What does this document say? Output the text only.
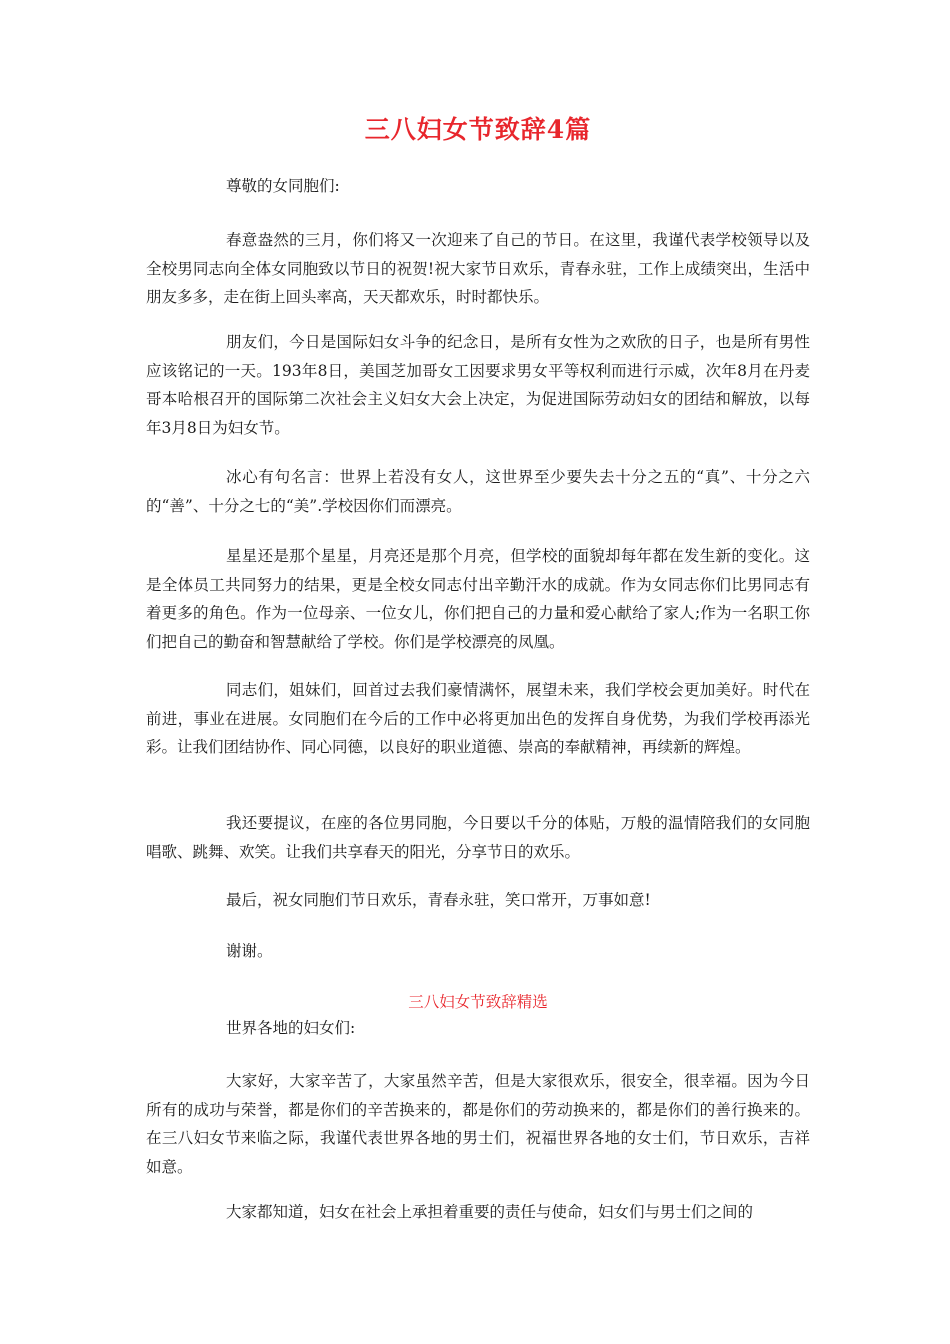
三八妇女节致辞4篇

尊敬的女同胞们:

春意盎然的三月，你们将又一次迎来了自己的节日。在这里，我谨代表学校领导以及全校男同志向全体女同胞致以节日的祝贺!祝大家节日欢乐，青春永驻，工作上成绩突出，生活中朋友多多，走在街上回头率高，天天都欢乐，时时都快乐。

朋友们，今日是国际妇女斗争的纪念日，是所有女性为之欢欣的日子，也是所有男性应该铭记的一天。193年8日，美国芝加哥女工因要求男女平等权利而进行示威，次年8月在丹麦哥本哈根召开的国际第二次社会主义妇女大会上决定，为促进国际劳动妇女的团结和解放，以每年3月8日为妇女节。

冰心有句名言：世界上若没有女人，这世界至少要失去十分之五的“真”、十分之六的“善”、十分之七的“美”.学校因你们而漂亮。

星星还是那个星星，月亮还是那个月亮，但学校的面貌却每年都在发生新的变化。这是全体员工共同努力的结果，更是全校女同志付出辛勤汗水的成就。作为女同志你们比男同志有着更多的角色。作为一位母亲、一位女儿，你们把自己的力量和爱心献给了家人;作为一名职工你们把自己的勤奋和智慧献给了学校。你们是学校漂亮的凤凰。

同志们，姐妹们，回首过去我们豪情满怀，展望未来，我们学校会更加美好。时代在前进，事业在进展。女同胞们在今后的工作中必将更加出色的发挥自身优势，为我们学校再添光彩。让我们团结协作、同心同德，以良好的职业道德、崇高的奉献精神，再续新的辉煌。

我还要提议，在座的各位男同胞，今日要以千分的体贴，万般的温情陪我们的女同胞唱歌、跳舞、欢笑。让我们共享春天的阳光，分享节日的欢乐。

最后，祝女同胞们节日欢乐，青春永驻，笑口常开，万事如意!

谢谢。

三八妇女节致辞精选

世界各地的妇女们:

大家好，大家辛苦了，大家虽然辛苦，但是大家很欢乐，很安全，很幸福。因为今日所有的成功与荣誉，都是你们的辛苦换来的，都是你们的劳动换来的，都是你们的善行换来的。在三八妇女节来临之际，我谨代表世界各地的男士们，祝福世界各地的女士们，节日欢乐，吉祥如意。

大家都知道，妇女在社会上承担着重要的责任与使命，妇女们与男士们之间的
